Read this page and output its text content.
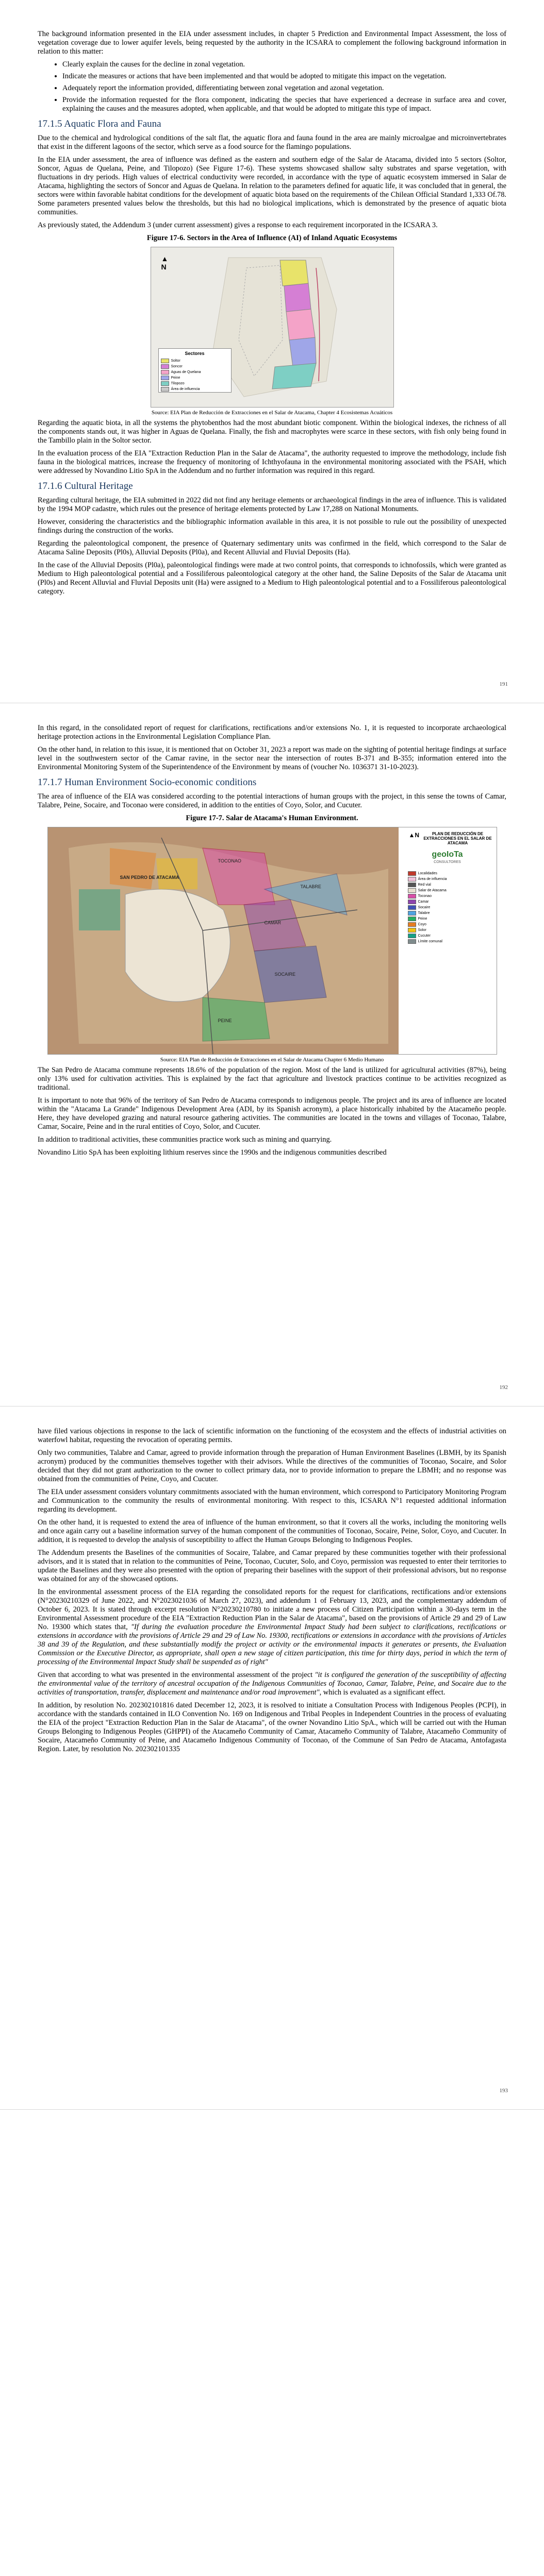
The background information presented in the EIA under assessment includes, in chapter 5 Prediction and Environmental Impact Assessment, the loss of vegetation coverage due to lower aquifer levels, being requested by the authority in the ICSARA to complement the following background information in relation to this matter:

• Clearly explain the causes for the decline in zonal vegetation.
• Indicate the measures or actions that have been implemented and that would be adopted to mitigate this impact on the vegetation.
• Adequately report the information provided, differentiating between zonal vegetation and azonal vegetation.
• Provide the information requested for the flora component, indicating the species that have experienced a decrease in surface area and cover, explaining the causes and the measures adopted, when applicable, and that would be adopted to mitigate this type of impact.
17.1.5 Aquatic Flora and Fauna

Due to the chemical and hydrological conditions of the salt flat, the aquatic flora and fauna found in the area are mainly microalgae and microinvertebrates that exist in the different lagoons of the sector, which serve as a food source for the flamingo populations.

In the EIA under assessment, the area of influence was defined as the eastern and southern edge of the Salar de Atacama, divided into 5 sectors (Soltor, Soncor, Aguas de Quelana, Peine, and Tilopozo) (See Figure 17-6). These systems showcased shallow salty substrates and sparse vegetation, with fluctuations in dry periods. High values of electrical conductivity were recorded, in accordance with the type of aquatic ecosystem immersed in Salar de Atacama, highlighting the sectors of Soncor and Aguas de Quelana. In relation to the parameters defined for aquatic life, it was concluded that in general, the sectors were within favorable habitat conditions for the development of aquatic biota based on the requirements of the Chilean Official Standard 1,333 Of.78. Some parameters presented values below the thresholds, but this had no biological implications, which is demonstrated by the presence of aquatic biota communities.

As previously stated, the Addendum 3 (under current assessment) gives a response to each requirement incorporated in the ICSARA 3.

Figure 17-6. Sectors in the Area of Influence (AI) of Inland Aquatic Ecosystems
▲
N
Sectores
Soltor
Soncor
Aguas de Quelana
Peine
Tilopozo
Área de influencia
Source: EIA Plan de Reducción de Extracciones en el Salar de Atacama, Chapter 4 Ecosistemas Acuáticos

Regarding the aquatic biota, in all the systems the phytobenthos had the most abundant biotic component. Within the biological indexes, the richness of all the components stands out, it was higher in Aguas de Quelana. Finally, the fish and macrophytes were scarce in these sectors, with fish only being found in the Tambillo plain in the Soltor sector.

In the evaluation process of the EIA "Extraction Reduction Plan in the Salar de Atacama", the authority requested to improve the methodology, include fish fauna in the biological matrices, increase the frequency of monitoring of Ichthyofauna in the environmental monitoring associated with the PSAH, which were addressed by Novandino Litio SpA in the Addendum and no further information was required in this regard.

17.1.6 Cultural Heritage

Regarding cultural heritage, the EIA submitted in 2022 did not find any heritage elements or archaeological findings in the area of influence. This is validated by the 1994 MOP cadastre, which rules out the presence of heritage elements protected by Law 17,288 on National Monuments.

However, considering the characteristics and the bibliographic information available in this area, it is not possible to rule out the possibility of unexpected findings during the construction of the works.

Regarding the paleontological component, the presence of Quaternary sedimentary units was confirmed in the field, which correspond to the Salar de Atacama Saline Deposits (Pl0s), Alluvial Deposits (Pl0a), and Recent Alluvial and Fluvial Deposits (Ha).

In the case of the Alluvial Deposits (Pl0a), paleontological findings were made at two control points, that corresponds to ichnofossils, which were granted as Medium to High paleontological potential and a Fossiliferous paleontological category at the other hand, the Saline Deposits of the Salar de Atacama unit (Pl0s) and Recent Alluvial and Fluvial Deposits unit (Ha) were assigned to a Medium to High paleontological potential and to a Fossiliferous paleontological category.

191

In this regard, in the consolidated report of request for clarifications, rectifications and/or extensions No. 1, it is requested to incorporate archaeological heritage protection actions in the Environmental Legislation Compliance Plan.

On the other hand, in relation to this issue, it is mentioned that on October 31, 2023 a report was made on the sighting of potential heritage findings at surface level in the southwestern sector of the Camar ravine, in the sector near the intersection of routes B-371 and B-355; information entered into the Environmental Monitoring System of the Superintendence of the Environment by means of (voucher No. 1036371 31-10-2023).

17.1.7 Human Environment Socio-economic conditions

The area of influence of the EIA was considered according to the potential interactions of human groups with the project, in this sense the towns of Camar, Talabre, Peine, Socaire, and Toconao were considered, in addition to the entities of Coyo, Solor, and Cucuter.

Figure 17-7. Salar de Atacama's Human Environment.
SAN PEDRO DE ATACAMA
TOCONAO
CAMAR
SOCAIRE
PEINE
TALABRE
▲N	PLAN DE REDUCCIÓN DE EXTRACCIONES EN EL SALAR DE ATACAMA
geoIoTa
CONSULTORES
Localidades
Área de influencia
Red vial
Salar de Atacama
Toconao
Camar
Socaire
Talabre
Peine
Coyo
Solor
Cucuter
Límite comunal
Source: EIA Plan de Reducción de Extracciones en el Salar de Atacama Chapter 6 Medio Humano

The San Pedro de Atacama commune represents 18.6% of the population of the region. Most of the land is utilized for agricultural activities (87%), being only 13% used for cultivation activities. This is explained by the fact that agriculture and livestock practices continue to be activities recognized as traditional.

It is important to note that 96% of the territory of San Pedro de Atacama corresponds to indigenous people. The project and its area of influence are located within the "Atacama La Grande" Indigenous Development Area (ADI, by its Spanish acronym), a place historically inhabited by the Atacameño people. Here, they have developed grazing and natural resource gathering activities. The communities are located in the towns and villages of Toconao, Talabre, Camar, Socaire, Peine and in the rural entities of Coyo, Solor, and Cucuter.

In addition to traditional activities, these communities practice work such as mining and quarrying.

Novandino Litio SpA has been exploiting lithium reserves since the 1990s and the indigenous communities described

192

have filed various objections in response to the lack of scientific information on the functioning of the ecosystem and the effects of industrial activities on waterfowl habitat, requesting the revocation of operating permits.

Only two communities, Talabre and Camar, agreed to provide information through the preparation of Human Environment Baselines (LBMH, by its Spanish acronym) produced by the communities themselves together with their advisors. While the directives of the communities of Toconao, Socaire, and Solor decided that they did not grant authorization to the owner to collect primary data, nor to provide information to prepare the LBMH; and no response was obtained from the communities of Peine, Coyo, and Cucuter.

The EIA under assessment considers voluntary commitments associated with the human environment, which correspond to Participatory Monitoring Program and Communication to the community the results of environmental monitoring. With respect to this, ICSARA N°1 requested additional information regarding its development.

On the other hand, it is requested to extend the area of influence of the human environment, so that it covers all the works, including the monitoring wells and once again carry out a baseline information survey of the human component of the communities of Toconao, Socaire, Peine, Solor, Coyo, and Cucuter. In addition, it is requested to develop the analysis of susceptibility to affect the Human Groups Belonging to Indigenous Peoples.

The Addendum presents the Baselines of the communities of Socaire, Talabre, and Camar prepared by these communities together with their professional advisors, and it is stated that in relation to the communities of Peine, Toconao, Cucuter, Solo, and Coyo, permission was requested to enter their territories to update the Baselines and they were also presented with the option of preparing their baselines with the support of their professional advisors, but no response was obtained for any of the showcased options.

In the environmental assessment process of the EIA regarding the consolidated reports for the request for clarifications, rectifications and/or extensions (N°20230210329 of June 2022, and N°2023021036 of March 27, 2023), and addendum 1 of February 13, 2023, and the complementary addendum of October 6, 2023. It is stated through excerpt resolution N°20230210780 to initiate a new process of Citizen Participation within a 30-days term in the Environmental Assessment procedure of the EIA "Extraction Reduction Plan in the Salar de Atacama", based on the provisions of Article 29 and 29 of Law No. 19300 which states that, "If during the evaluation procedure the Environmental Impact Study had been subject to clarifications, rectifications or extensions in accordance with the provisions of Article 29 and 29 of Law No. 19300, rectifications or extensions in accordance with the provisions of Articles 38 and 39 of the Regulation, and these substantially modify the project or activity or the environmental impacts it generates or presents, the Evaluation Commission or the Executive Director, as appropriate, shall open a new stage of citizen participation, this time for thirty days, period in which the term of processing of the Environmental Impact Study shall be suspended as of right"

Given that according to what was presented in the environmental assessment of the project "it is configured the generation of the susceptibility of affecting the environmental value of the territory of ancestral occupation of the Indigenous Communities of Toconao, Camar, Talabre, Peine, and Socaire due to the activities of transportation, transfer, displacement and maintenance and/or road improvement", which is evaluated as a significant effect.

In addition, by resolution No. 202302101816 dated December 12, 2023, it is resolved to initiate a Consultation Process with Indigenous Peoples (PCPI), in accordance with the standards contained in ILO Convention No. 169 on Indigenous and Tribal Peoples in Independent Countries in the process of evaluating the EIA of the project "Extraction Reduction Plan in the Salar de Atacama", of the owner Novandino Litio SpA., which will be carried out with the Human Groups Belonging to Indigenous Peoples (GHPPI) of the Atacameño Community of Camar, Atacameño Community of Talabre, Atacameño Community of Socaire, Atacameño Community of Peine, and Atacameño Indigenous Community of Toconao, of the Commune of San Pedro de Atacama, Antofagasta Region. Later, by resolution No. 202302101335

193
